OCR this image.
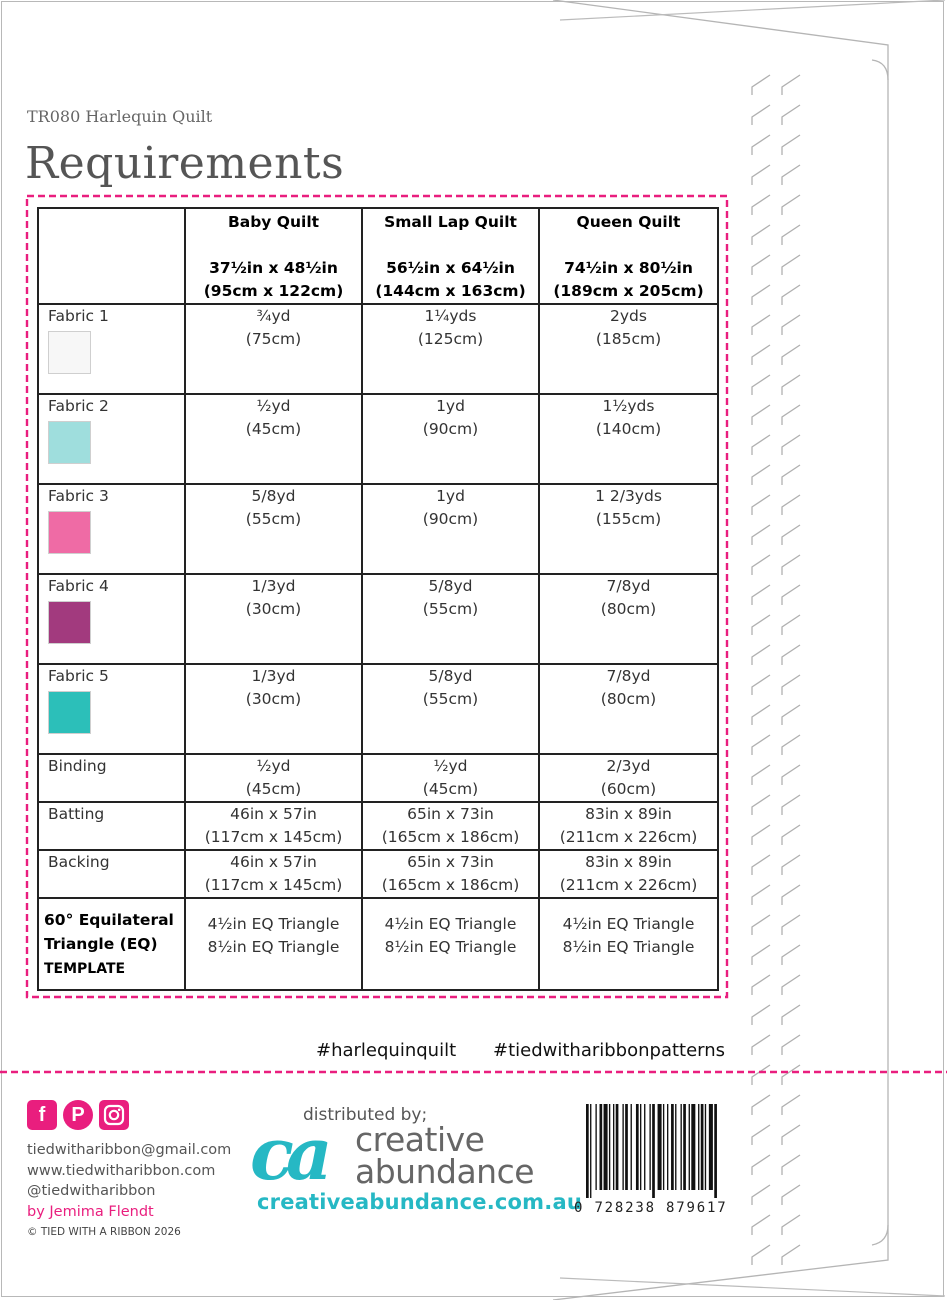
TR080 Harlequin Quilt
Requirements

	Baby Quilt
37½in x 48½in
(95cm x 122cm)	Small Lap Quilt
56½in x 64½in
(144cm x 163cm)	Queen Quilt
74½in x 80½in
(189cm x 205cm)

Fabric 1	¾yd
(75cm)	1¼yds
(125cm)	2yds
(185cm)
Fabric 2	½yd
(45cm)	1yd
(90cm)	1½yds
(140cm)
Fabric 3	5/8yd
(55cm)	1yd
(90cm)	1 2/3yds
(155cm)
Fabric 4	1/3yd
(30cm)	5/8yd
(55cm)	7/8yd
(80cm)
Fabric 5	1/3yd
(30cm)	5/8yd
(55cm)	7/8yd
(80cm)
Binding	½yd
(45cm)	½yd
(45cm)	2/3yd
(60cm)
Batting	46in x 57in
(117cm x 145cm)	65in x 73in
(165cm x 186cm)	83in x 89in
(211cm x 226cm)
Backing	46in x 57in
(117cm x 145cm)	65in x 73in
(165cm x 186cm)	83in x 89in
(211cm x 226cm)
60° Equilateral
Triangle (EQ)
TEMPLATE	4½in EQ Triangle
8½in EQ Triangle	4½in EQ Triangle
8½in EQ Triangle	4½in EQ Triangle
8½in EQ Triangle
#harlequinquilt #tiedwitharibbonpatterns
f	P
tiedwitharibbon@gmail.com
www.tiedwitharibbon.com
@tiedwitharibbon
by Jemima Flendt
© TIED WITH A RIBBON 2026
distributed by;
ca creative
abundance
creativeabundance.com.au
0 728238 879617
